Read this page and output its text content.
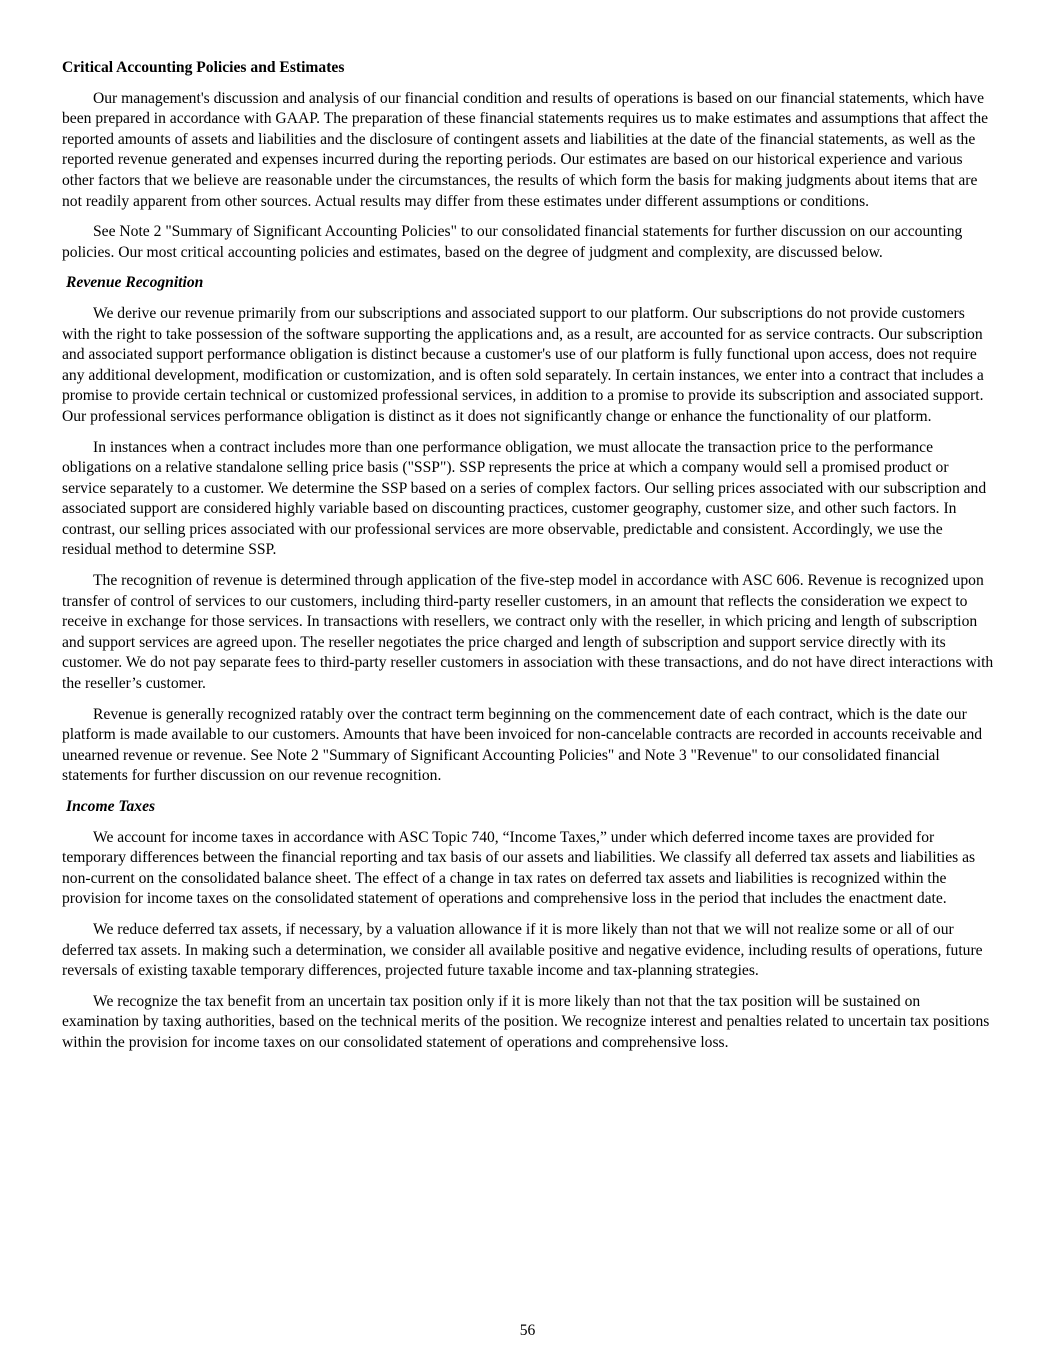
Critical Accounting Policies and Estimates

Our management's discussion and analysis of our financial condition and results of operations is based on our financial statements, which have been prepared in accordance with GAAP. The preparation of these financial statements requires us to make estimates and assumptions that affect the reported amounts of assets and liabilities and the disclosure of contingent assets and liabilities at the date of the financial statements, as well as the reported revenue generated and expenses incurred during the reporting periods. Our estimates are based on our historical experience and various other factors that we believe are reasonable under the circumstances, the results of which form the basis for making judgments about items that are not readily apparent from other sources. Actual results may differ from these estimates under different assumptions or conditions.

See Note 2 "Summary of Significant Accounting Policies" to our consolidated financial statements for further discussion on our accounting policies. Our most critical accounting policies and estimates, based on the degree of judgment and complexity, are discussed below.

Revenue Recognition

We derive our revenue primarily from our subscriptions and associated support to our platform. Our subscriptions do not provide customers with the right to take possession of the software supporting the applications and, as a result, are accounted for as service contracts. Our subscription and associated support performance obligation is distinct because a customer's use of our platform is fully functional upon access, does not require any additional development, modification or customization, and is often sold separately. In certain instances, we enter into a contract that includes a promise to provide certain technical or customized professional services, in addition to a promise to provide its subscription and associated support. Our professional services performance obligation is distinct as it does not significantly change or enhance the functionality of our platform.

In instances when a contract includes more than one performance obligation, we must allocate the transaction price to the performance obligations on a relative standalone selling price basis ("SSP"). SSP represents the price at which a company would sell a promised product or service separately to a customer. We determine the SSP based on a series of complex factors. Our selling prices associated with our subscription and associated support are considered highly variable based on discounting practices, customer geography, customer size, and other such factors. In contrast, our selling prices associated with our professional services are more observable, predictable and consistent. Accordingly, we use the residual method to determine SSP.

The recognition of revenue is determined through application of the five-step model in accordance with ASC 606. Revenue is recognized upon transfer of control of services to our customers, including third-party reseller customers, in an amount that reflects the consideration we expect to receive in exchange for those services. In transactions with resellers, we contract only with the reseller, in which pricing and length of subscription and support services are agreed upon. The reseller negotiates the price charged and length of subscription and support service directly with its customer. We do not pay separate fees to third-party reseller customers in association with these transactions, and do not have direct interactions with the reseller’s customer.

Revenue is generally recognized ratably over the contract term beginning on the commencement date of each contract, which is the date our platform is made available to our customers. Amounts that have been invoiced for non-cancelable contracts are recorded in accounts receivable and unearned revenue or revenue. See Note 2 "Summary of Significant Accounting Policies" and Note 3 "Revenue" to our consolidated financial statements for further discussion on our revenue recognition.

Income Taxes

We account for income taxes in accordance with ASC Topic 740, “Income Taxes,” under which deferred income taxes are provided for temporary differences between the financial reporting and tax basis of our assets and liabilities. We classify all deferred tax assets and liabilities as non-current on the consolidated balance sheet. The effect of a change in tax rates on deferred tax assets and liabilities is recognized within the provision for income taxes on the consolidated statement of operations and comprehensive loss in the period that includes the enactment date.

We reduce deferred tax assets, if necessary, by a valuation allowance if it is more likely than not that we will not realize some or all of our deferred tax assets. In making such a determination, we consider all available positive and negative evidence, including results of operations, future reversals of existing taxable temporary differences, projected future taxable income and tax-planning strategies.

We recognize the tax benefit from an uncertain tax position only if it is more likely than not that the tax position will be sustained on examination by taxing authorities, based on the technical merits of the position. We recognize interest and penalties related to uncertain tax positions within the provision for income taxes on our consolidated statement of operations and comprehensive loss.

56
